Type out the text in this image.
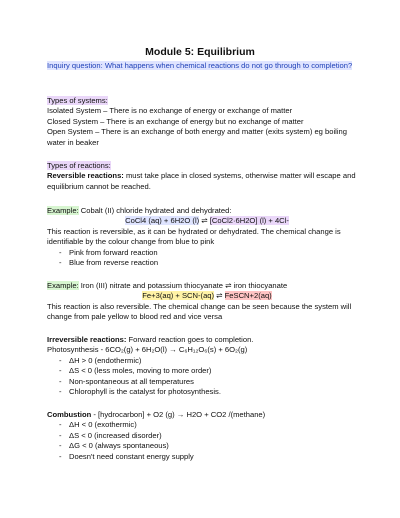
Module 5: Equilibrium
Inquiry question: What happens when chemical reactions do not go through to completion?
Types of systems:
Isolated System – There is no exchange of energy or exchange of matter
Closed System – There is an exchange of energy but no exchange of matter
Open System – There is an exchange of both energy and matter (exits system) eg boiling water in beaker
Types of reactions:
Reversible reactions: must take place in closed systems, otherwise matter will escape and equilibrium cannot be reached.
Example: Cobalt (II) chloride hydrated and dehydrated:
CoCl4 (aq) + 6H2O (l) ⇌ [CoCl2·6H2O] (l) + 4Cl-
This reaction is reversible, as it can be hydrated or dehydrated. The chemical change is identifiable by the colour change from blue to pink
- Pink from forward reaction
- Blue from reverse reaction
Example: Iron (III) nitrate and potassium thiocyanate ⇌ iron thiocyanate
Fe+3(aq) + SCN-(aq) ⇌ FeSCN+2(aq)
This reaction is also reversible. The chemical change can be seen because the system will change from pale yellow to blood red and vice versa
Irreversible reactions: Forward reaction goes to completion.
Photosynthesis - 6CO₂(g) + 6H₂O(l) → C₆H₁₂O₆(s) + 6O₂(g)
- ΔH > 0 (endothermic)
- ΔS < 0 (less moles, moving to more order)
- Non-spontaneous at all temperatures
- Chlorophyll is the catalyst for photosynthesis.
Combustion - [hydrocarbon] + O2 (g) → H2O + CO2 /(methane)
- ΔH < 0 (exothermic)
- ΔS < 0 (increased disorder)
- ΔG < 0 (always spontaneous)
- Doesn't need constant energy supply
